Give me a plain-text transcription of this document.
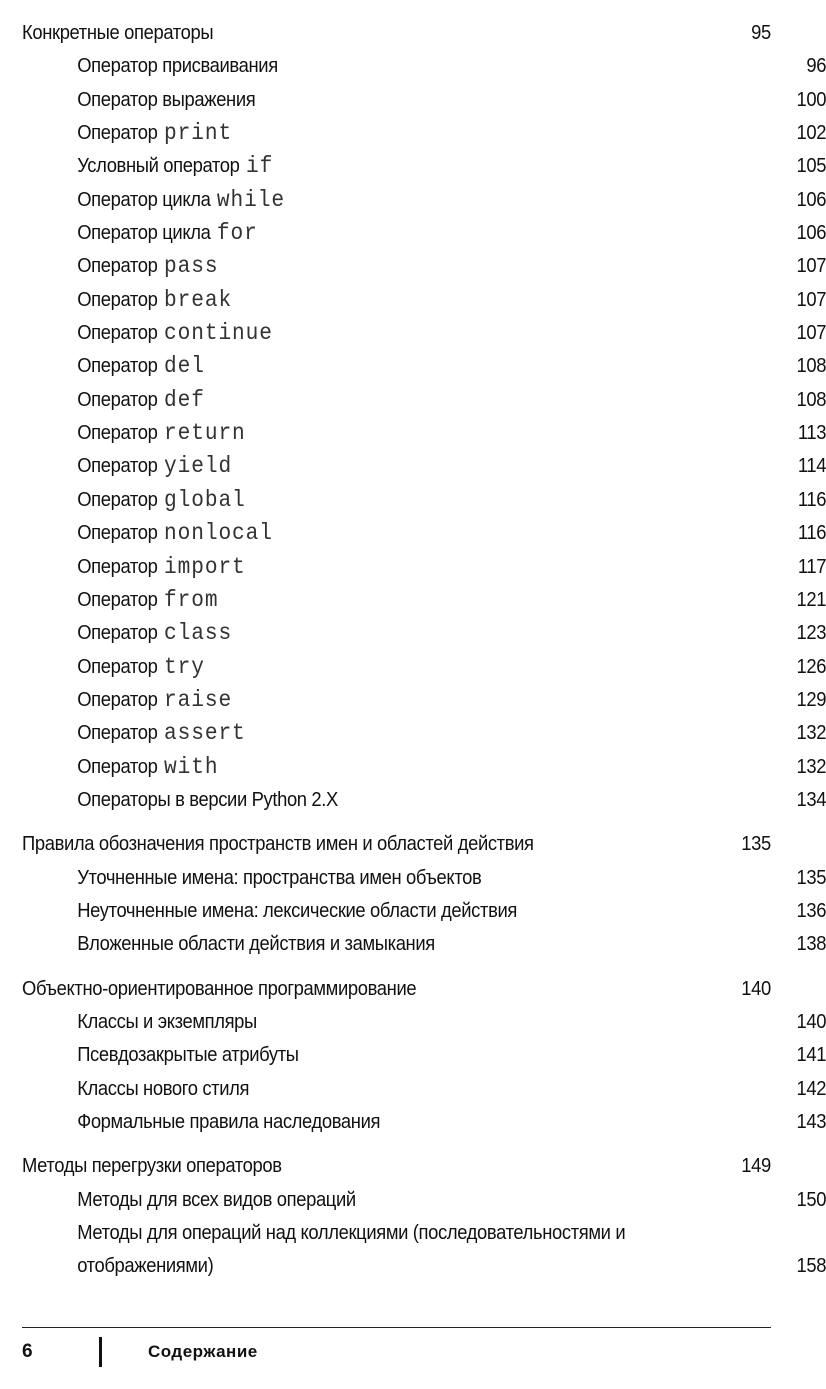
Конкретные операторы	95
Оператор присваивания	96
Оператор выражения	100
Оператор print	102
Условный оператор if	105
Оператор цикла while	106
Оператор цикла for	106
Оператор pass	107
Оператор break	107
Оператор continue	107
Оператор del	108
Оператор def	108
Оператор return	113
Оператор yield	114
Оператор global	116
Оператор nonlocal	116
Оператор import	117
Оператор from	121
Оператор class	123
Оператор try	126
Оператор raise	129
Оператор assert	132
Оператор with	132
Операторы в версии Python 2.X	134
Правила обозначения пространств имен и областей действия	135
Уточненные имена: пространства имен объектов	135
Неуточненные имена: лексические области действия	136
Вложенные области действия и замыкания	138
Объектно-ориентированное программирование	140
Классы и экземпляры	140
Псевдозакрытые атрибуты	141
Классы нового стиля	142
Формальные правила наследования	143
Методы перегрузки операторов	149
Методы для всех видов операций	150
Методы для операций над коллекциями (последовательностями и отображениями)	158
6	Содержание
